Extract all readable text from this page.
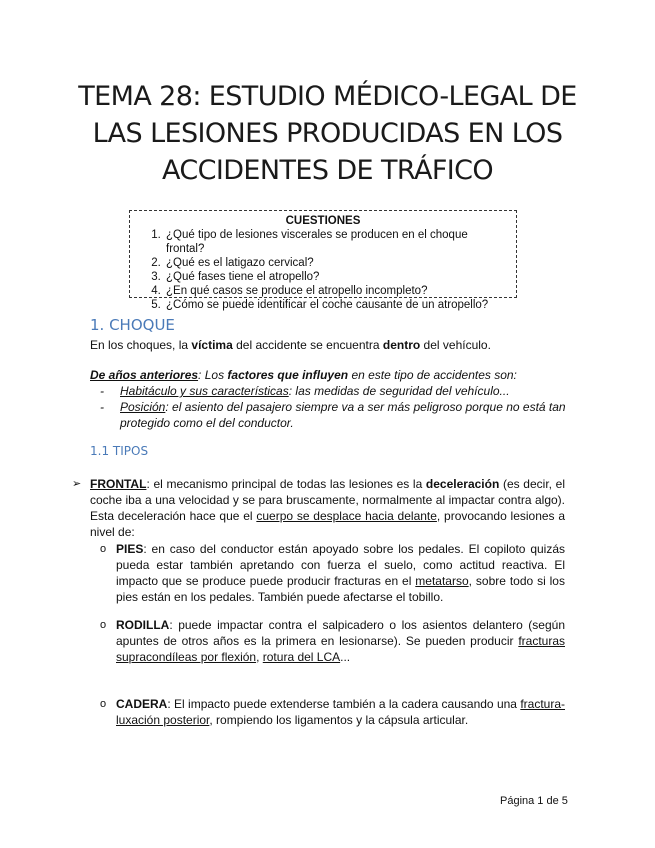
TEMA 28: ESTUDIO MÉDICO-LEGAL DE
LAS LESIONES PRODUCIDAS EN LOS
ACCIDENTES DE TRÁFICO

CUESTIONES

1. ¿Qué tipo de lesiones viscerales se producen en el choque frontal?
2. ¿Qué es el latigazo cervical?
3. ¿Qué fases tiene el atropello?
4. ¿En qué casos se produce el atropello incompleto?
5. ¿Cómo se puede identificar el coche causante de un atropello?
1. CHOQUE
En los choques, la víctima del accidente se encuentra dentro del vehículo.
De años anteriores: Los factores que influyen en este tipo de accidentes son:
- Habitáculo y sus características: las medidas de seguridad del vehículo...
- Posición: el asiento del pasajero siempre va a ser más peligroso porque no está tan protegido como el del conductor.
1.1 TIPOS
➢ FRONTAL: el mecanismo principal de todas las lesiones es la deceleración (es decir, el coche iba a una velocidad y se para bruscamente, normalmente al impactar contra algo). Esta deceleración hace que el cuerpo se desplace hacia delante, provocando lesiones a nivel de:
o PIES: en caso del conductor están apoyado sobre los pedales. El copiloto quizás pueda estar también apretando con fuerza el suelo, como actitud reactiva. El impacto que se produce puede producir fracturas en el metatarso, sobre todo si los pies están en los pedales. También puede afectarse el tobillo.
o RODILLA: puede impactar contra el salpicadero o los asientos delantero (según apuntes de otros años es la primera en lesionarse). Se pueden producir fracturas supracondíleas por flexión, rotura del LCA...
o CADERA: El impacto puede extenderse también a la cadera causando una fractura-luxación posterior, rompiendo los ligamentos y la cápsula articular.
Página 1 de 5
